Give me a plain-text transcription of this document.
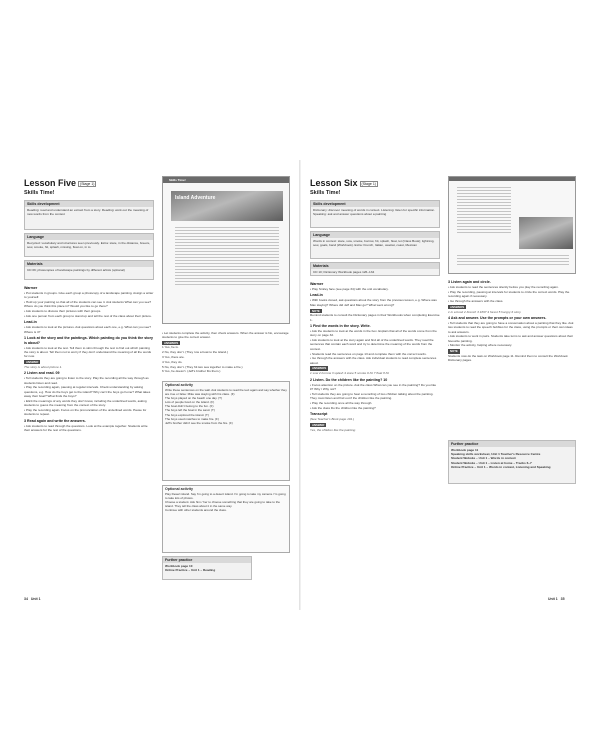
Lesson Five (Stage 1)
Skills Time!
Skills development
Reading: read and understand an extract from a story. Reading: work out the meaning of new words from the context
Language
Recycled: vocabulary and structures seen previously. Extra: stare, in the distance, breeze, sow, smoke, hit, splash, missing, float on, in to
Materials
CD 09; photocopies of landscape paintings by different artists (optional)
Warmer

• Put students in groups. Give each group a photocopy of a landscape painting. Assign a writer to yourself.

• Hold up your painting so that all of the students can see it. Ask students What can you see? Where do you think this place is? Would you like to go there?

• Ask students to discuss their pictures with their groups.

• Ask one person from each group to stand up and tell the rest of the class about their picture.

Lead-in

• Ask students to look at the pictures. Ask questions about each one, e.g. What can you see? Where is it?

1 Look at the story and the paintings. Which painting do you think the story is about?

• Ask students to look at the text. Tell them to skim through the text to find out which painting the story is about. Tell them not to worry if they don't understand the meaning of all the words for now.

ANSWER

The story is about picture 1.

2 Listen and read. 09

• Tell students they are going to listen to the story. Play the recording all the way through as students listen and read.

• Play the recording again, pausing at regular intervals. Check understanding by asking questions, e.g. How do the boys get to the island? Why can't the boys go home? What takes away their boat? What finds the boys?

• Elicit the meanings of any words they don't know, including the underlined words, asking students to guess the meaning from the context of the story.

• Play the recording again. Focus on the pronunciation of the underlined words. Pause for students to repeat.

3 Read again and write the answers.

• Ask students to read through the questions. Look at the example together. Students write their answers for the rest of the questions.

Skills Time!
Island Adventure

• Let students complete the activity, then check answers. When the answer is No, encourage students to give the correct answer.

ANSWERS

1 Yes, he is.

2 No, they don't. (They row a boat to the island.)

3 Yes, there are.

4 Yes, they do.

5 No, they don't. (They hit two sea together to make a fire.)

6 Yes, he doesn't. (Jeff's brother fits them.)

Optional activity

Write these sentences on the wall. Ask students to read the text again and say whether they are true or false: Mike was staying with his class. (F)

The boys played on the beach one day. (T)

Lots of people lived on the island. (F)

The boat didn't belong to the fun. (F)

The boys left the boat in the sand. (T)

The boys explored the island. (T)

The boys used matches to make fire. (F)

Jeff's brother didn't see the smoke from the fire. (F)

Optional activity

Play Desert island. Say I'm going to a desert island. I'm going to take my camera. I'm going to take lots of photos.

Choose a student. Ask him / her to choose something that they are going to take to the island. They tell the class about it in the same way.

Continue with other students around the class.

Further practice

Workbook page 10

Online Practice – Unit 1 – Reading

34 Unit 1
Lesson Six (Stage 1)
Skills Time!
Skills development
Dictionary: discover meaning of words in context. Listening: listen for specific information. Speaking: ask and answer questions about a painting
Language
Words in context: stare, sow, smoke, borrow, hit, splash, float, let (Class Book); lightning, sow, goals, band (Workbook). Extra: French, Italian, osaciat, coast, Mexican
Materials
CD 10; Dictionary Workbook pages 126–134
Warmer

• Play Smiley face (see page 34) with the unit vocabulary.

Lead-in

• With books closed, ask questions about the story from the previous lesson, e.g. Where was Max staying? Where did Jeff and Max go? What went wrong?

NOTE

Remind students to consult the Dictionary pages in their Workbooks when completing Exercise 1.

1 Find the words in the story. Write.

• Ask the students to look at the words in the box. Explain that all of the words come from the story on page 32.

• Ask students to look at the story again and find all of the underlined words. They read the sentences that contain each word and try to determine the meaning of the words from the context.

• Students read the sentences on page 13 and complete them with the correct words.

• Go through the answers with the class. Ask individual students to read complete sentences aloud.

ANSWERS

1 sow 2 borrow 3 splash 4 stare 5 smoke 6 hit 7 float 8 hit

2 Listen. Do the children like the painting? 10

• Focus attention on the picture. Ask the class What can you see in the painting? Do you like it? Why / Why not?

• Tell students they are going to hear a recording of two children talking about the painting. They must listen and find out if the children like the painting.

• Play the recording once all the way through.

• Ask the class Do the children like the painting?

Transcript

(See Teacher's Book page 101.)

ANSWER

Yes, the children like the painting.

3 Listen again and circle.

• Ask students to read the sentences silently before you play the recording again.

• Play the recording, pausing at intervals for students to circle the correct words. Play the recording again if necessary.

• Go through the answers with the class.

ANSWERS

1 in a book 2 French 3 1897 4 forest 5 hungry 6 story

4 Ask and answer. Use the prompts or your own answers.

• Tell students that they are going to have a conversation about a painting that they like. Ask two students to read the speech bubbles for the class, using the prompts or their own ideas to ask answers.

• Ask students to work in pairs. Students take turns to ask and answer questions about their favourite painting.

• Monitor the activity, helping where necessary.

NOTE

Students now do the task on Workbook page 11. Remind them to consult the Workbook Dictionary pages.

Further practice

Workbook page 11

Speaking skills worksheet, Unit 1 Teacher's Resource Centre

Student Website – Unit 1 – Words in context

Student Website – Unit 1 – Listen at home – Tracks 6–7

Online Practice – Unit 1 – Words in context, Listening and Speaking

Unit 1 35
